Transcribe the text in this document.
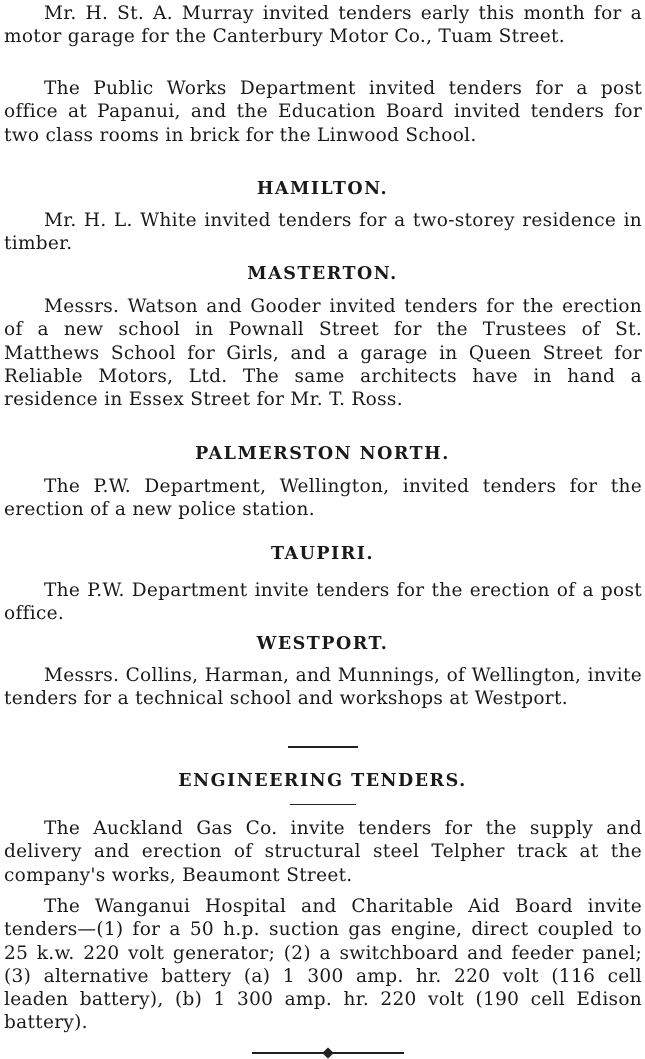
Mr. H. St. A. Murray invited tenders early this month for a motor garage for the Canterbury Motor Co., Tuam Street.

The Public Works Department invited tenders for a post office at Papanui, and the Education Board invited tenders for two class rooms in brick for the Linwood School.

HAMILTON.

Mr. H. L. White invited tenders for a two-storey residence in timber.

MASTERTON.

Messrs. Watson and Gooder invited tenders for the erection of a new school in Pownall Street for the Trustees of St. Matthews School for Girls, and a garage in Queen Street for Reliable Motors, Ltd. The same architects have in hand a residence in Essex Street for Mr. T. Ross.

PALMERSTON NORTH.

The P.W. Department, Wellington, invited tenders for the erection of a new police station.

TAUPIRI.

The P.W. Department invite tenders for the erection of a post office.

WESTPORT.

Messrs. Collins, Harman, and Munnings, of Wellington, invite tenders for a technical school and workshops at Westport.

ENGINEERING TENDERS.

The Auckland Gas Co. invite tenders for the supply and delivery and erection of structural steel Telpher track at the company's works, Beaumont Street.

The Wanganui Hospital and Charitable Aid Board invite tenders—(1) for a 50 h.p. suction gas engine, direct coupled to 25 k.w. 220 volt generator; (2) a switchboard and feeder panel; (3) alternative battery (a) 1 300 amp. hr. 220 volt (116 cell leaden battery), (b) 1 300 amp. hr. 220 volt (190 cell Edison battery).
